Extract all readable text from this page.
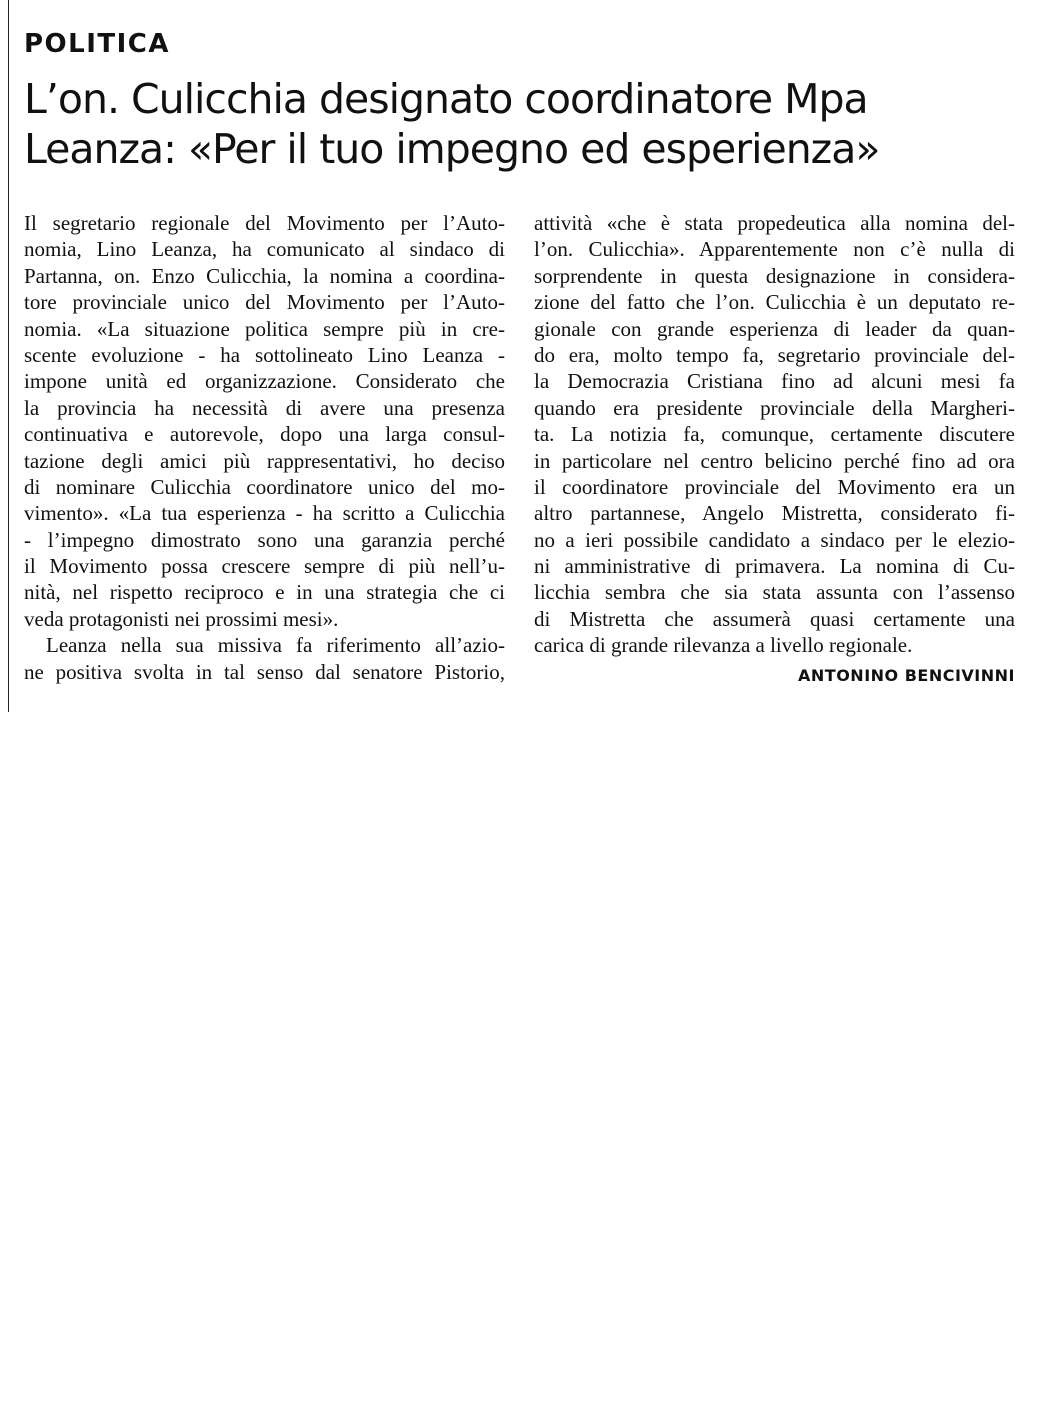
POLITICA
L’on. Culicchia designato coordinatore Mpa
Leanza: «Per il tuo impegno ed esperienza»
Il segretario regionale del Movimento per l’Auto-
nomia, Lino Leanza, ha comunicato al sindaco di
Partanna, on. Enzo Culicchia, la nomina a coordina-
tore provinciale unico del Movimento per l’Auto-
nomia. «La situazione politica sempre più in cre-
scente evoluzione - ha sottolineato Lino Leanza -
impone unità ed organizzazione. Considerato che
la provincia ha necessità di avere una presenza
continuativa e autorevole, dopo una larga consul-
tazione degli amici più rappresentativi, ho deciso
di nominare Culicchia coordinatore unico del mo-
vimento». «La tua esperienza - ha scritto a Culicchia
- l’impegno dimostrato sono una garanzia perché
il Movimento possa crescere sempre di più nell’u-
nità, nel rispetto reciproco e in una strategia che ci
veda protagonisti nei prossimi mesi».
Leanza nella sua missiva fa riferimento all’azio-
ne positiva svolta in tal senso dal senatore Pistorio,
attività «che è stata propedeutica alla nomina del-
l’on. Culicchia». Apparentemente non c’è nulla di
sorprendente in questa designazione in considera-
zione del fatto che l’on. Culicchia è un deputato re-
gionale con grande esperienza di leader da quan-
do era, molto tempo fa, segretario provinciale del-
la Democrazia Cristiana fino ad alcuni mesi fa
quando era presidente provinciale della Margheri-
ta. La notizia fa, comunque, certamente discutere
in particolare nel centro belicino perché fino ad ora
il coordinatore provinciale del Movimento era un
altro partannese, Angelo Mistretta, considerato fi-
no a ieri possibile candidato a sindaco per le elezio-
ni amministrative di primavera. La nomina di Cu-
licchia sembra che sia stata assunta con l’assenso
di Mistretta che assumerà quasi certamente una
carica di grande rilevanza a livello regionale.
ANTONINO BENCIVINNI
